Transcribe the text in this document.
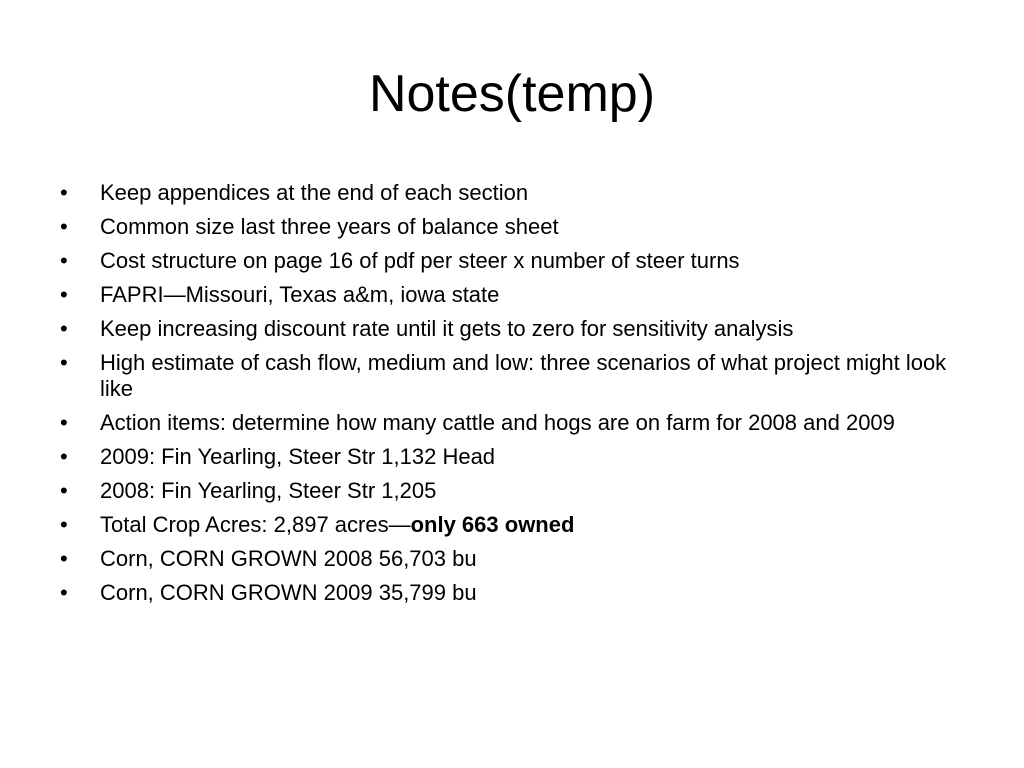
Notes(temp)
•	Keep appendices at the end of each section
•	Common size last three years of balance sheet
•	Cost structure on page 16 of pdf per steer x number of steer turns
•	FAPRI—Missouri, Texas a&m, iowa state
•	Keep increasing discount rate until it gets to zero for sensitivity analysis
•	High estimate of cash flow, medium and low: three scenarios of what project might look like
•	Action items: determine how many cattle and hogs are on farm for 2008 and 2009
•	2009: Fin Yearling, Steer Str 1,132 Head
•	2008: Fin Yearling, Steer Str 1,205
•	Total Crop Acres: 2,897 acres—only 663 owned
•	Corn, CORN GROWN 2008 56,703 bu
•	Corn, CORN GROWN 2009 35,799 bu
